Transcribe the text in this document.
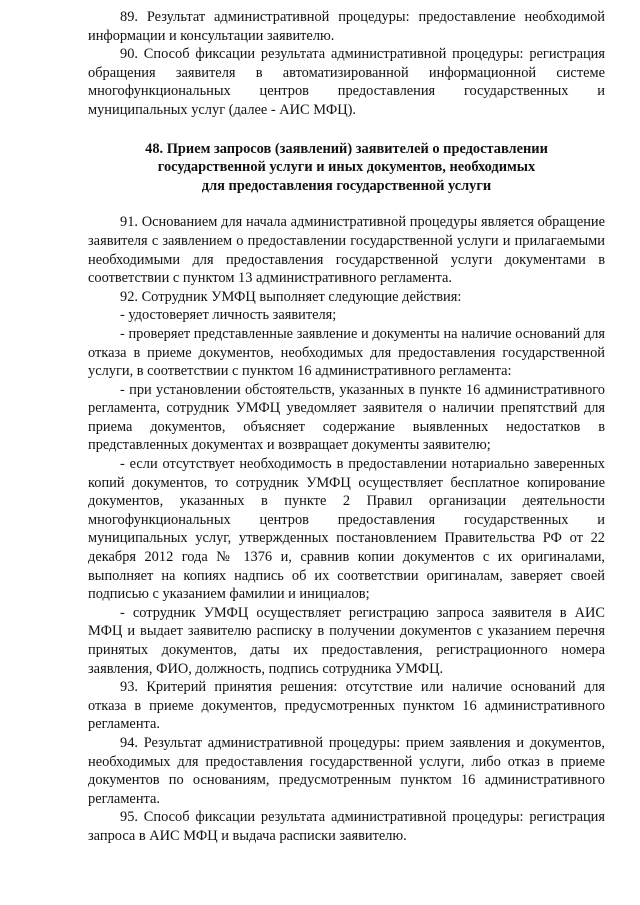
89. Результат административной процедуры: предоставление необходимой информации и консультации заявителю.

90. Способ фиксации результата административной процедуры: регистрация обращения заявителя в автоматизированной информационной системе многофункциональных центров предоставления государственных и муниципальных услуг (далее - АИС МФЦ).

48. Прием запросов (заявлений) заявителей о предоставлении
государственной услуги и иных документов, необходимых
для предоставления государственной услуги

91. Основанием для начала административной процедуры является обращение заявителя с заявлением о предоставлении государственной услуги и прилагаемыми необходимыми для предоставления государственной услуги документами в соответствии с пунктом 13 административного регламента.

92. Сотрудник УМФЦ выполняет следующие действия:

- удостоверяет личность заявителя;

- проверяет представленные заявление и документы на наличие оснований для отказа в приеме документов, необходимых для предоставления государственной услуги, в соответствии с пунктом 16 административного регламента:

- при установлении обстоятельств, указанных в пункте 16 административного регламента, сотрудник УМФЦ уведомляет заявителя о наличии препятствий для приема документов, объясняет содержание выявленных недостатков в представленных документах и возвращает документы заявителю;

- если отсутствует необходимость в предоставлении нотариально заверенных копий документов, то сотрудник УМФЦ осуществляет бесплатное копирование документов, указанных в пункте 2 Правил организации деятельности многофункциональных центров предоставления государственных и муниципальных услуг, утвержденных постановлением Правительства РФ от 22 декабря 2012 года № 1376 и, сравнив копии документов с их оригиналами, выполняет на копиях надпись об их соответствии оригиналам, заверяет своей подписью с указанием фамилии и инициалов;

- сотрудник УМФЦ осуществляет регистрацию запроса заявителя в АИС МФЦ и выдает заявителю расписку в получении документов с указанием перечня принятых документов, даты их предоставления, регистрационного номера заявления, ФИО, должность, подпись сотрудника УМФЦ.

93. Критерий принятия решения: отсутствие или наличие оснований для отказа в приеме документов, предусмотренных пунктом 16 административного регламента.

94. Результат административной процедуры: прием заявления и документов, необходимых для предоставления государственной услуги, либо отказ в приеме документов по основаниям, предусмотренным пунктом 16 административного регламента.

95. Способ фиксации результата административной процедуры: регистрация запроса в АИС МФЦ и выдача расписки заявителю.
